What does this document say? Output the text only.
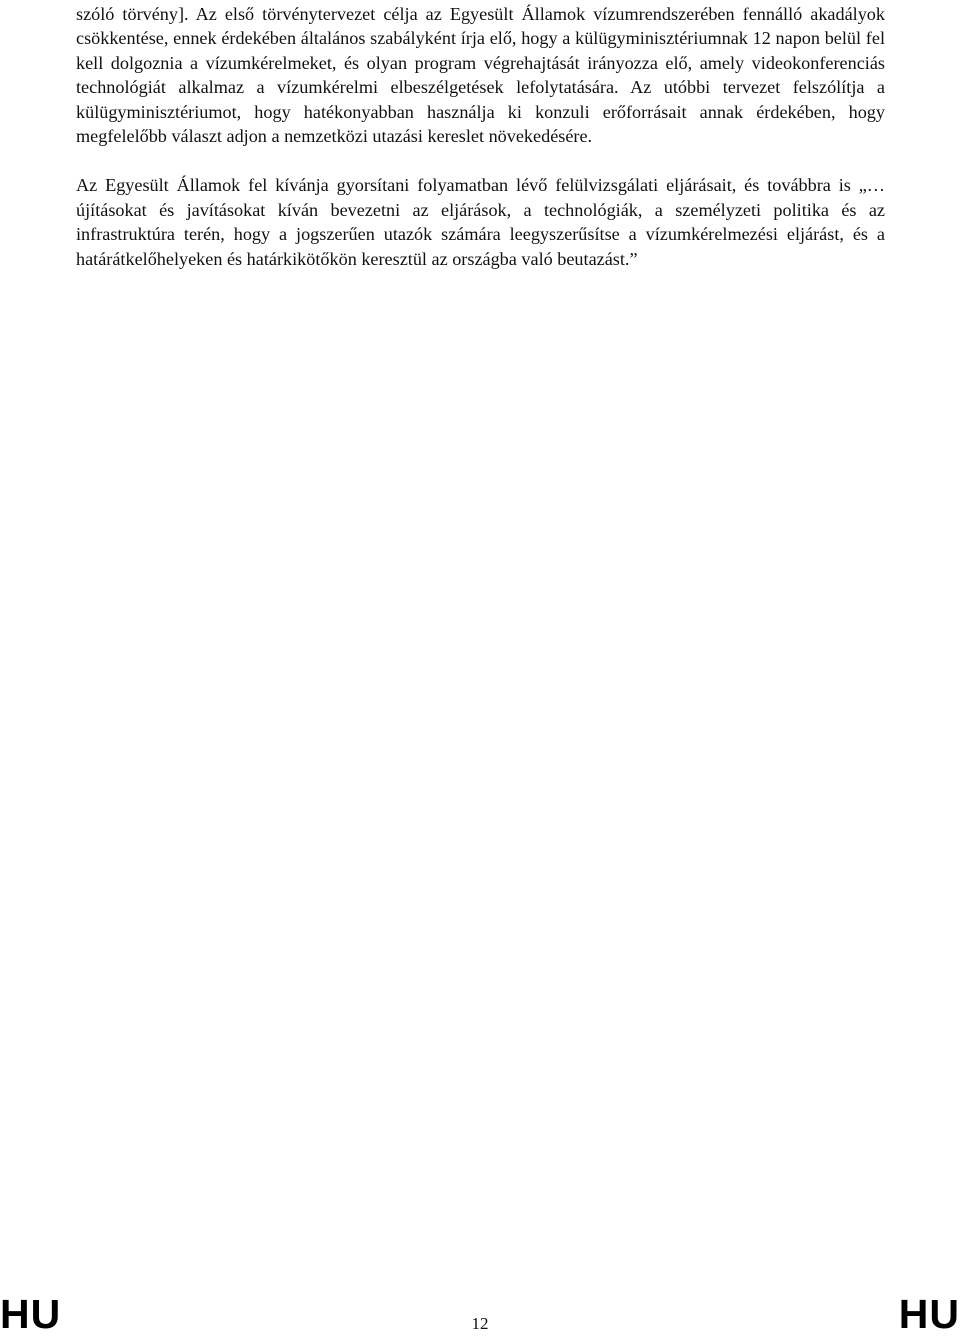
szóló törvény]. Az első törvénytervezet célja az Egyesült Államok vízumrendszerében fennálló akadályok csökkentése, ennek érdekében általános szabályként írja elő, hogy a külügyminisztériumnak 12 napon belül fel kell dolgoznia a vízumkérelmeket, és olyan program végrehajtását irányozza elő, amely videokonferenciás technológiát alkalmaz a vízumkérelmi elbeszélgetések lefolytatására. Az utóbbi tervezet felszólítja a külügyminisztériumot, hogy hatékonyabban használja ki konzuli erőforrásait annak érdekében, hogy megfelelőbb választ adjon a nemzetközi utazási kereslet növekedésére.

Az Egyesült Államok fel kívánja gyorsítani folyamatban lévő felülvizsgálati eljárásait, és továbbra is „…újításokat és javításokat kíván bevezetni az eljárások, a technológiák, a személyzeti politika és az infrastruktúra terén, hogy a jogszerűen utazók számára leegyszerűsítse a vízumkérelmezési eljárást, és a határátkelőhelyeken és határkikötőkön keresztül az országba való beutazást.”

HU	12	HU
